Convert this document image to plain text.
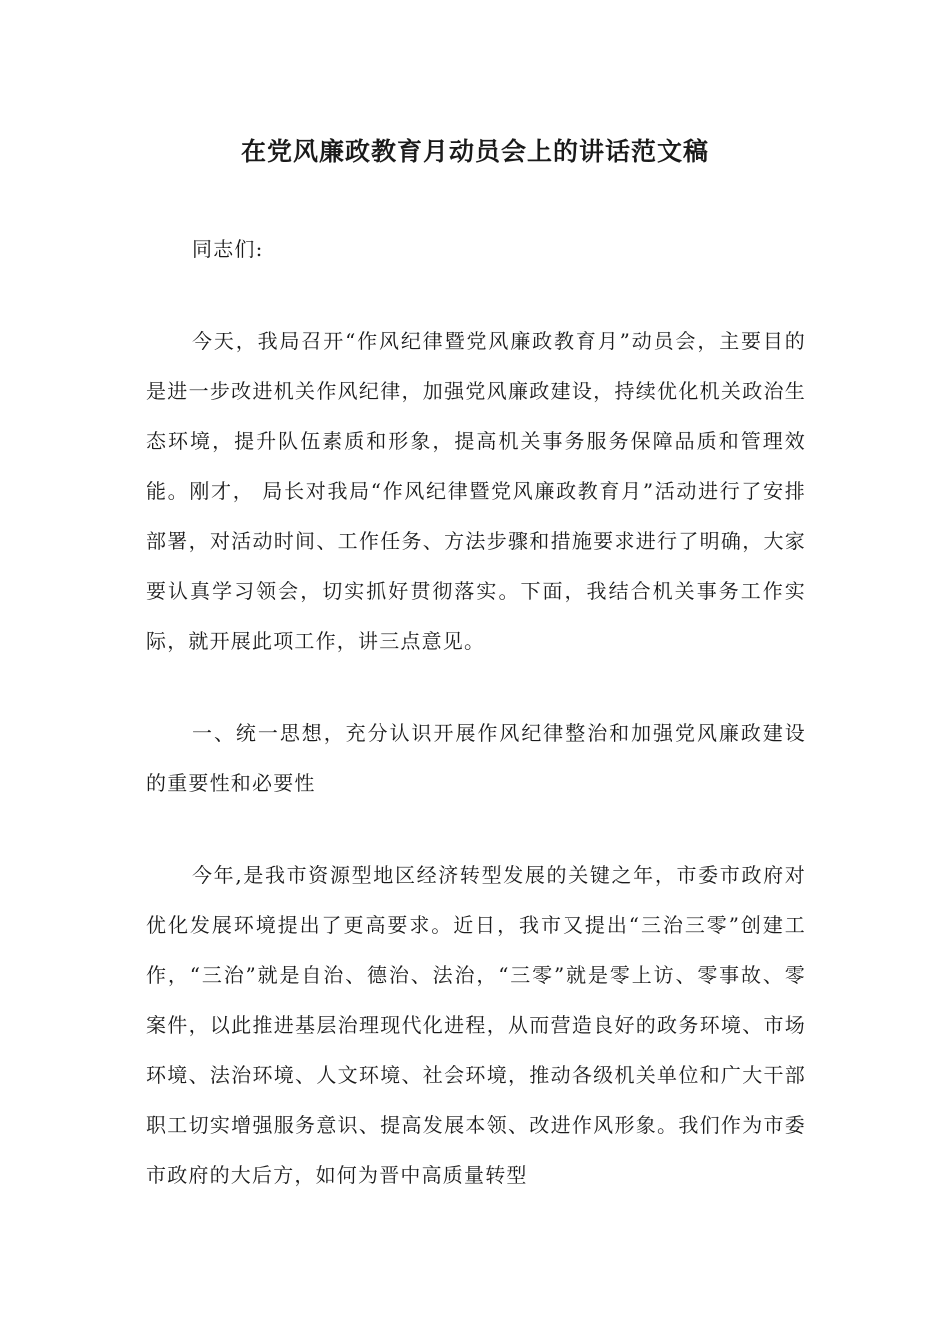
在党风廉政教育月动员会上的讲话范文稿

同志们:

今天，我局召开“作风纪律暨党风廉政教育月”动员会，主要目的是进一步改进机关作风纪律，加强党风廉政建设，持续优化机关政治生态环境，提升队伍素质和形象，提高机关事务服务保障品质和管理效能。刚才， 局长对我局“作风纪律暨党风廉政教育月”活动进行了安排部署，对活动时间、工作任务、方法步骤和措施要求进行了明确，大家要认真学习领会，切实抓好贯彻落实。下面，我结合机关事务工作实际，就开展此项工作，讲三点意见。

一、统一思想，充分认识开展作风纪律整治和加强党风廉政建设的重要性和必要性

今年,是我市资源型地区经济转型发展的关键之年，市委市政府对优化发展环境提出了更高要求。近日，我市又提出“三治三零”创建工作，“三治”就是自治、德治、法治，“三零”就是零上访、零事故、零案件，以此推进基层治理现代化进程，从而营造良好的政务环境、市场环境、法治环境、人文环境、社会环境，推动各级机关单位和广大干部职工切实增强服务意识、提高发展本领、改进作风形象。我们作为市委市政府的大后方，如何为晋中高质量转型
